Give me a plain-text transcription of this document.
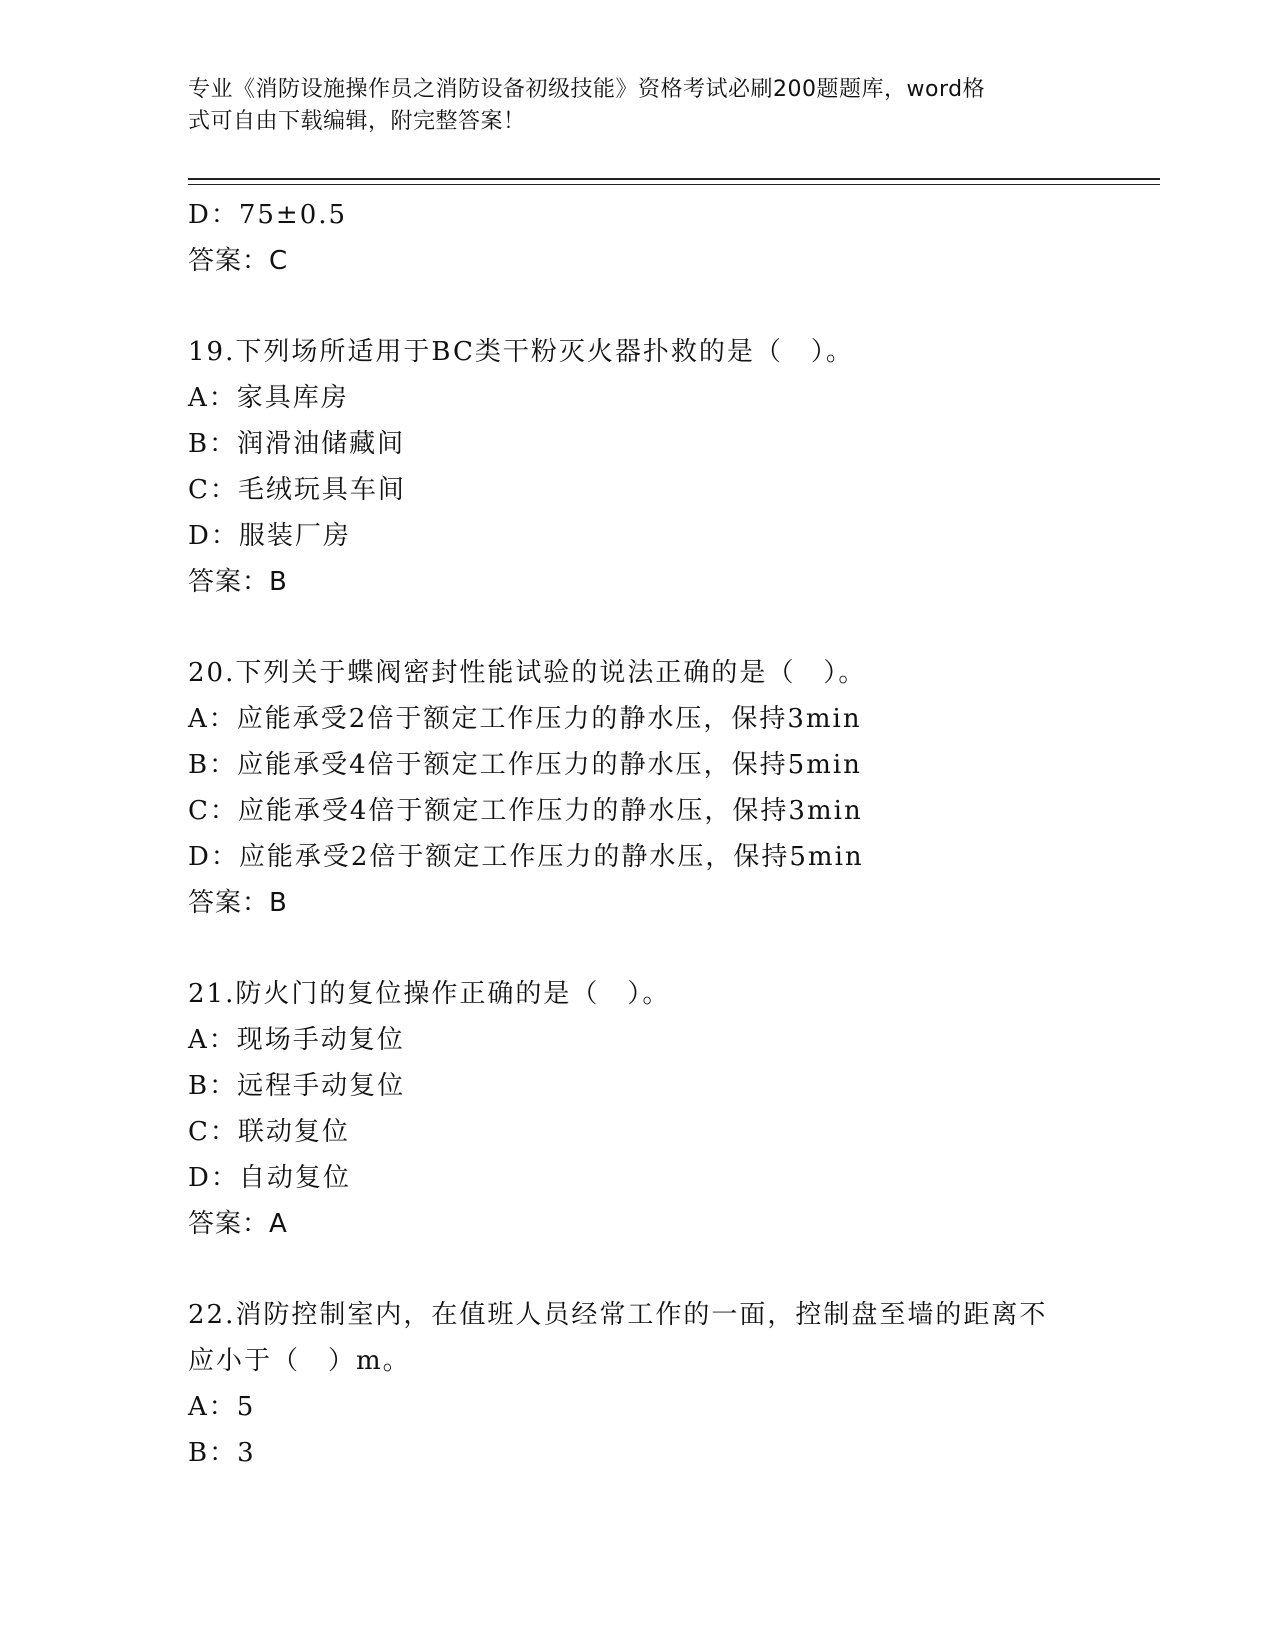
专业《消防设施操作员之消防设备初级技能》资格考试必刷200题题库，word格
式可自由下载编辑，附完整答案！
D：75±0.5
答案：C
19.下列场所适用于BC类干粉灭火器扑救的是（　）。
A：家具库房
B：润滑油储藏间
C：毛绒玩具车间
D：服装厂房
答案：B
20.下列关于蝶阀密封性能试验的说法正确的是（　）。
A：应能承受2倍于额定工作压力的静水压，保持3min
B：应能承受4倍于额定工作压力的静水压，保持5min
C：应能承受4倍于额定工作压力的静水压，保持3min
D：应能承受2倍于额定工作压力的静水压，保持5min
答案：B
21.防火门的复位操作正确的是（　）。
A：现场手动复位
B：远程手动复位
C：联动复位
D：自动复位
答案：A
22.消防控制室内，在值班人员经常工作的一面，控制盘至墙的距离不
应小于（　）m。
A：5
B：3
